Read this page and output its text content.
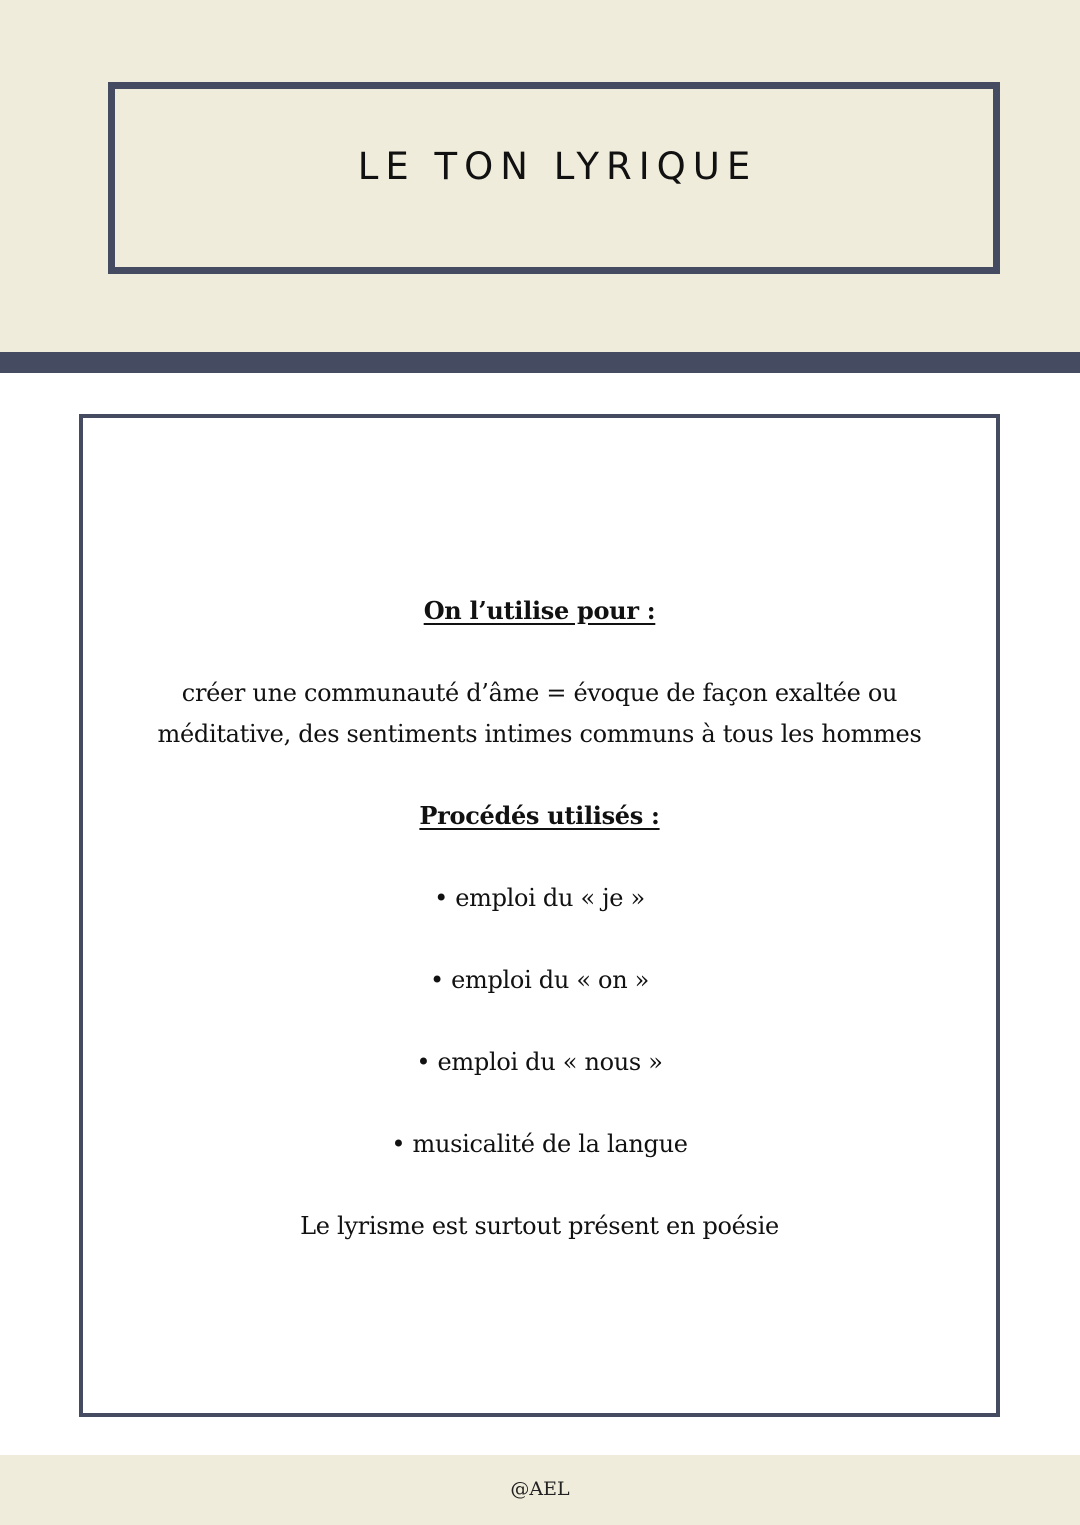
LE TON LYRIQUE
On l’utilise pour :
créer une communauté d’âme = évoque de façon exaltée ou
méditative, des sentiments intimes communs à tous les hommes
Procédés utilisés :
• emploi du « je »
• emploi du « on »
• emploi du « nous »
• musicalité de la langue
Le lyrisme est surtout présent en poésie
@AEL
